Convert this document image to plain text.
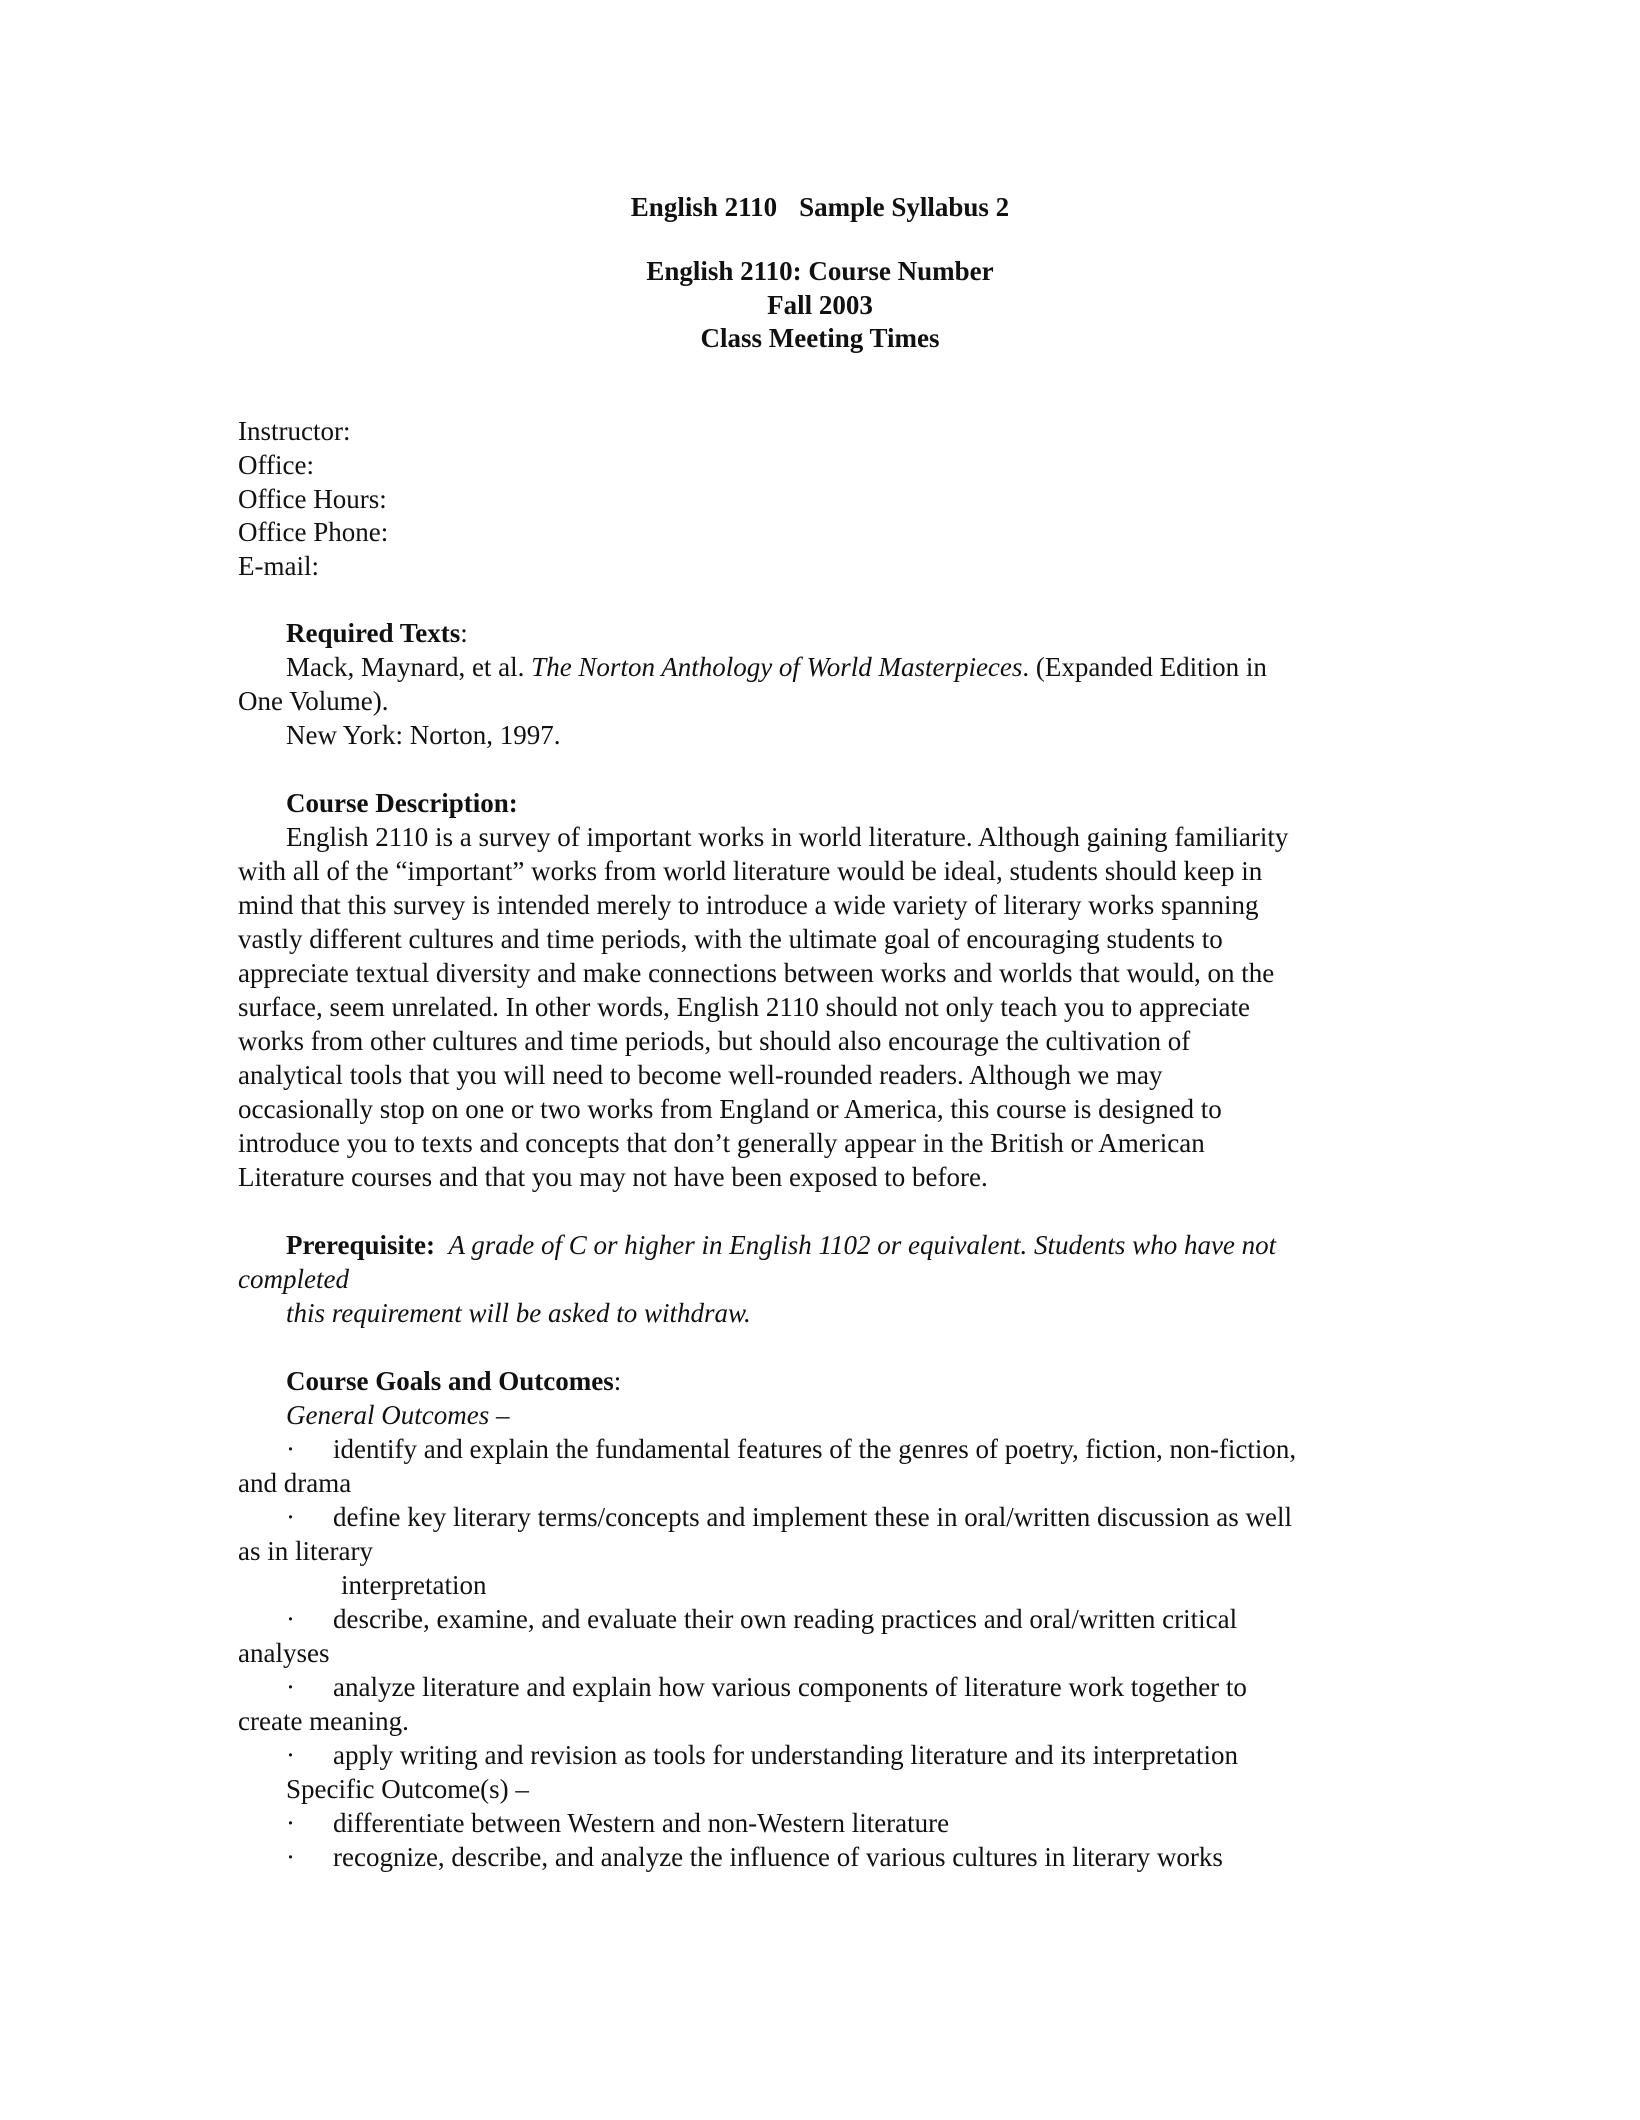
English 2110 Sample Syllabus 2
English 2110: Course Number
Fall 2003
Class Meeting Times
Instructor:
Office:
Office Hours:
Office Phone:
E-mail:
Required Texts:
Mack, Maynard, et al. The Norton Anthology of World Masterpieces. (Expanded Edition in
One Volume).
New York: Norton, 1997.
Course Description:
English 2110 is a survey of important works in world literature. Although gaining familiarity
with all of the “important” works from world literature would be ideal, students should keep in
mind that this survey is intended merely to introduce a wide variety of literary works spanning
vastly different cultures and time periods, with the ultimate goal of encouraging students to
appreciate textual diversity and make connections between works and worlds that would, on the
surface, seem unrelated. In other words, English 2110 should not only teach you to appreciate
works from other cultures and time periods, but should also encourage the cultivation of
analytical tools that you will need to become well-rounded readers. Although we may
occasionally stop on one or two works from England or America, this course is designed to
introduce you to texts and concepts that don’t generally appear in the British or American
Literature courses and that you may not have been exposed to before.
Prerequisite: A grade of C or higher in English 1102 or equivalent. Students who have not
completed
this requirement will be asked to withdraw.
Course Goals and Outcomes:
General Outcomes –
· identify and explain the fundamental features of the genres of poetry, fiction, non-fiction,
and drama
· define key literary terms/concepts and implement these in oral/written discussion as well
as in literary
interpretation
· describe, examine, and evaluate their own reading practices and oral/written critical
analyses
· analyze literature and explain how various components of literature work together to
create meaning.
· apply writing and revision as tools for understanding literature and its interpretation
Specific Outcome(s) –
· differentiate between Western and non-Western literature
· recognize, describe, and analyze the influence of various cultures in literary works
